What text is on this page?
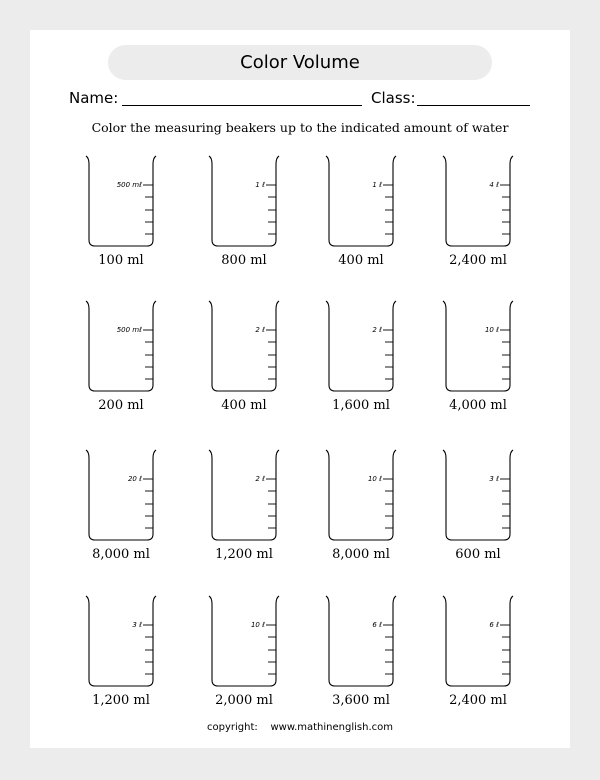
Color Volume
Name:	Class:
Color the measuring beakers up to the indicated amount of water
500 mℓ
100 ml
1 ℓ
800 ml
1 ℓ
400 ml
4 ℓ
2,400 ml
500 mℓ
200 ml
2 ℓ
400 ml
2 ℓ
1,600 ml
10 ℓ
4,000 ml
20 ℓ
8,000 ml
2 ℓ
1,200 ml
10 ℓ
8,000 ml
3 ℓ
600 ml
3 ℓ
1,200 ml
10 ℓ
2,000 ml
6 ℓ
3,600 ml
6 ℓ
2,400 ml
copyright: www.mathinenglish.com
